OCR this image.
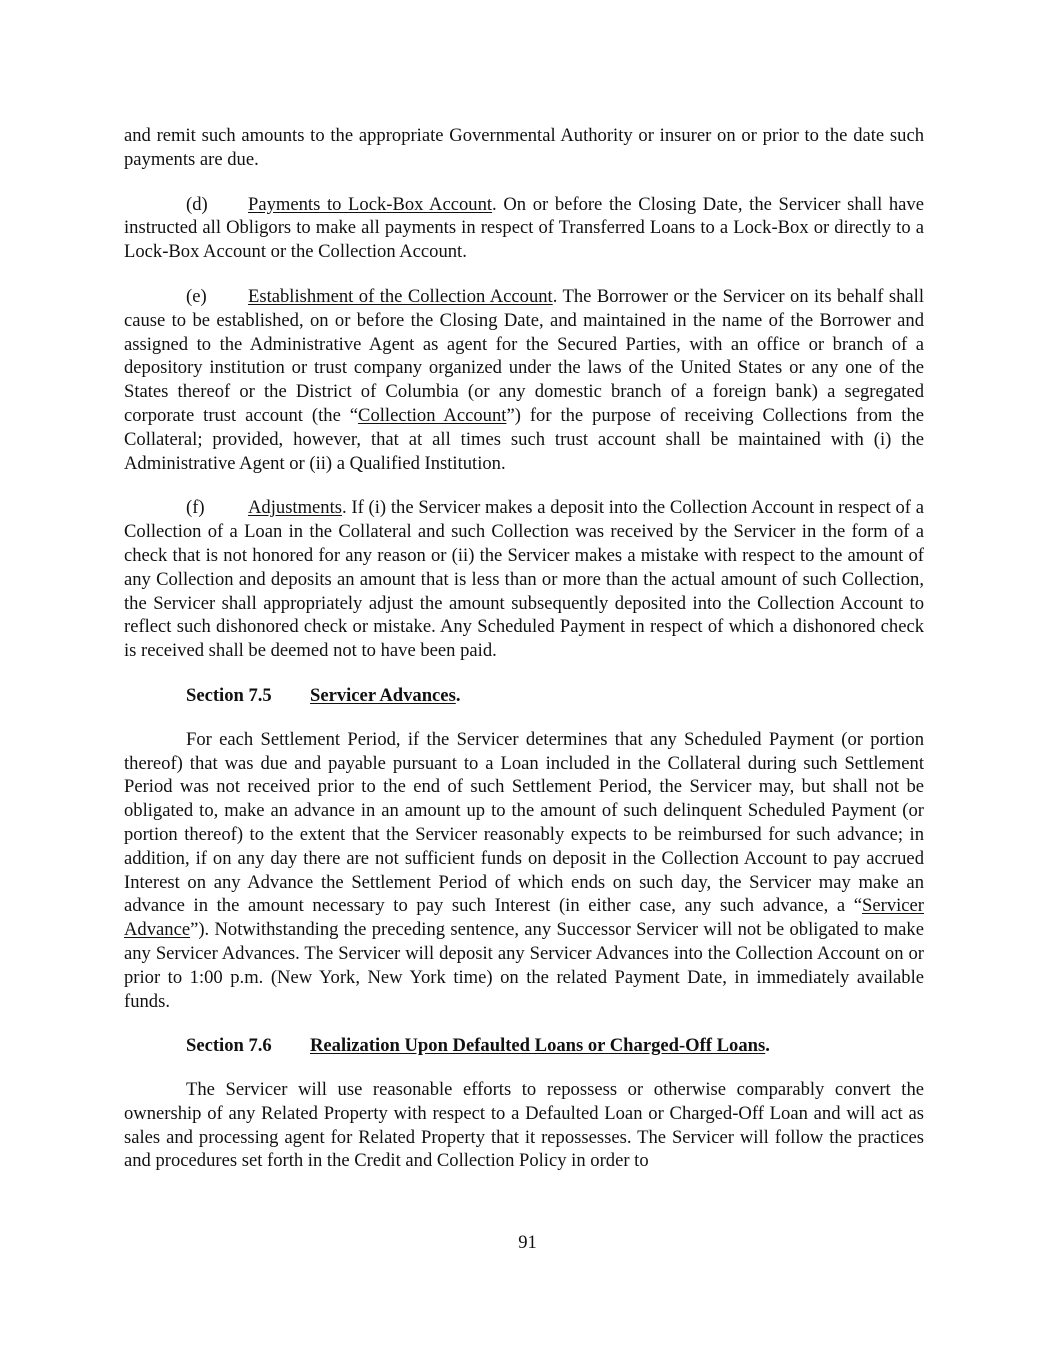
and remit such amounts to the appropriate Governmental Authority or insurer on or prior to the date such payments are due.

(d) Payments to Lock-Box Account. On or before the Closing Date, the Servicer shall have instructed all Obligors to make all payments in respect of Transferred Loans to a Lock-Box or directly to a Lock-Box Account or the Collection Account.

(e) Establishment of the Collection Account. The Borrower or the Servicer on its behalf shall cause to be established, on or before the Closing Date, and maintained in the name of the Borrower and assigned to the Administrative Agent as agent for the Secured Parties, with an office or branch of a depository institution or trust company organized under the laws of the United States or any one of the States thereof or the District of Columbia (or any domestic branch of a foreign bank) a segregated corporate trust account (the “Collection Account”) for the purpose of receiving Collections from the Collateral; provided, however, that at all times such trust account shall be maintained with (i) the Administrative Agent or (ii) a Qualified Institution.

(f) Adjustments. If (i) the Servicer makes a deposit into the Collection Account in respect of a Collection of a Loan in the Collateral and such Collection was received by the Servicer in the form of a check that is not honored for any reason or (ii) the Servicer makes a mistake with respect to the amount of any Collection and deposits an amount that is less than or more than the actual amount of such Collection, the Servicer shall appropriately adjust the amount subsequently deposited into the Collection Account to reflect such dishonored check or mistake. Any Scheduled Payment in respect of which a dishonored check is received shall be deemed not to have been paid.

Section 7.5 Servicer Advances.

For each Settlement Period, if the Servicer determines that any Scheduled Payment (or portion thereof) that was due and payable pursuant to a Loan included in the Collateral during such Settlement Period was not received prior to the end of such Settlement Period, the Servicer may, but shall not be obligated to, make an advance in an amount up to the amount of such delinquent Scheduled Payment (or portion thereof) to the extent that the Servicer reasonably expects to be reimbursed for such advance; in addition, if on any day there are not sufficient funds on deposit in the Collection Account to pay accrued Interest on any Advance the Settlement Period of which ends on such day, the Servicer may make an advance in the amount necessary to pay such Interest (in either case, any such advance, a “Servicer Advance”). Notwithstanding the preceding sentence, any Successor Servicer will not be obligated to make any Servicer Advances. The Servicer will deposit any Servicer Advances into the Collection Account on or prior to 1:00 p.m. (New York, New York time) on the related Payment Date, in immediately available funds.

Section 7.6 Realization Upon Defaulted Loans or Charged-Off Loans.

The Servicer will use reasonable efforts to repossess or otherwise comparably convert the ownership of any Related Property with respect to a Defaulted Loan or Charged-Off Loan and will act as sales and processing agent for Related Property that it repossesses. The Servicer will follow the practices and procedures set forth in the Credit and Collection Policy in order to

91
